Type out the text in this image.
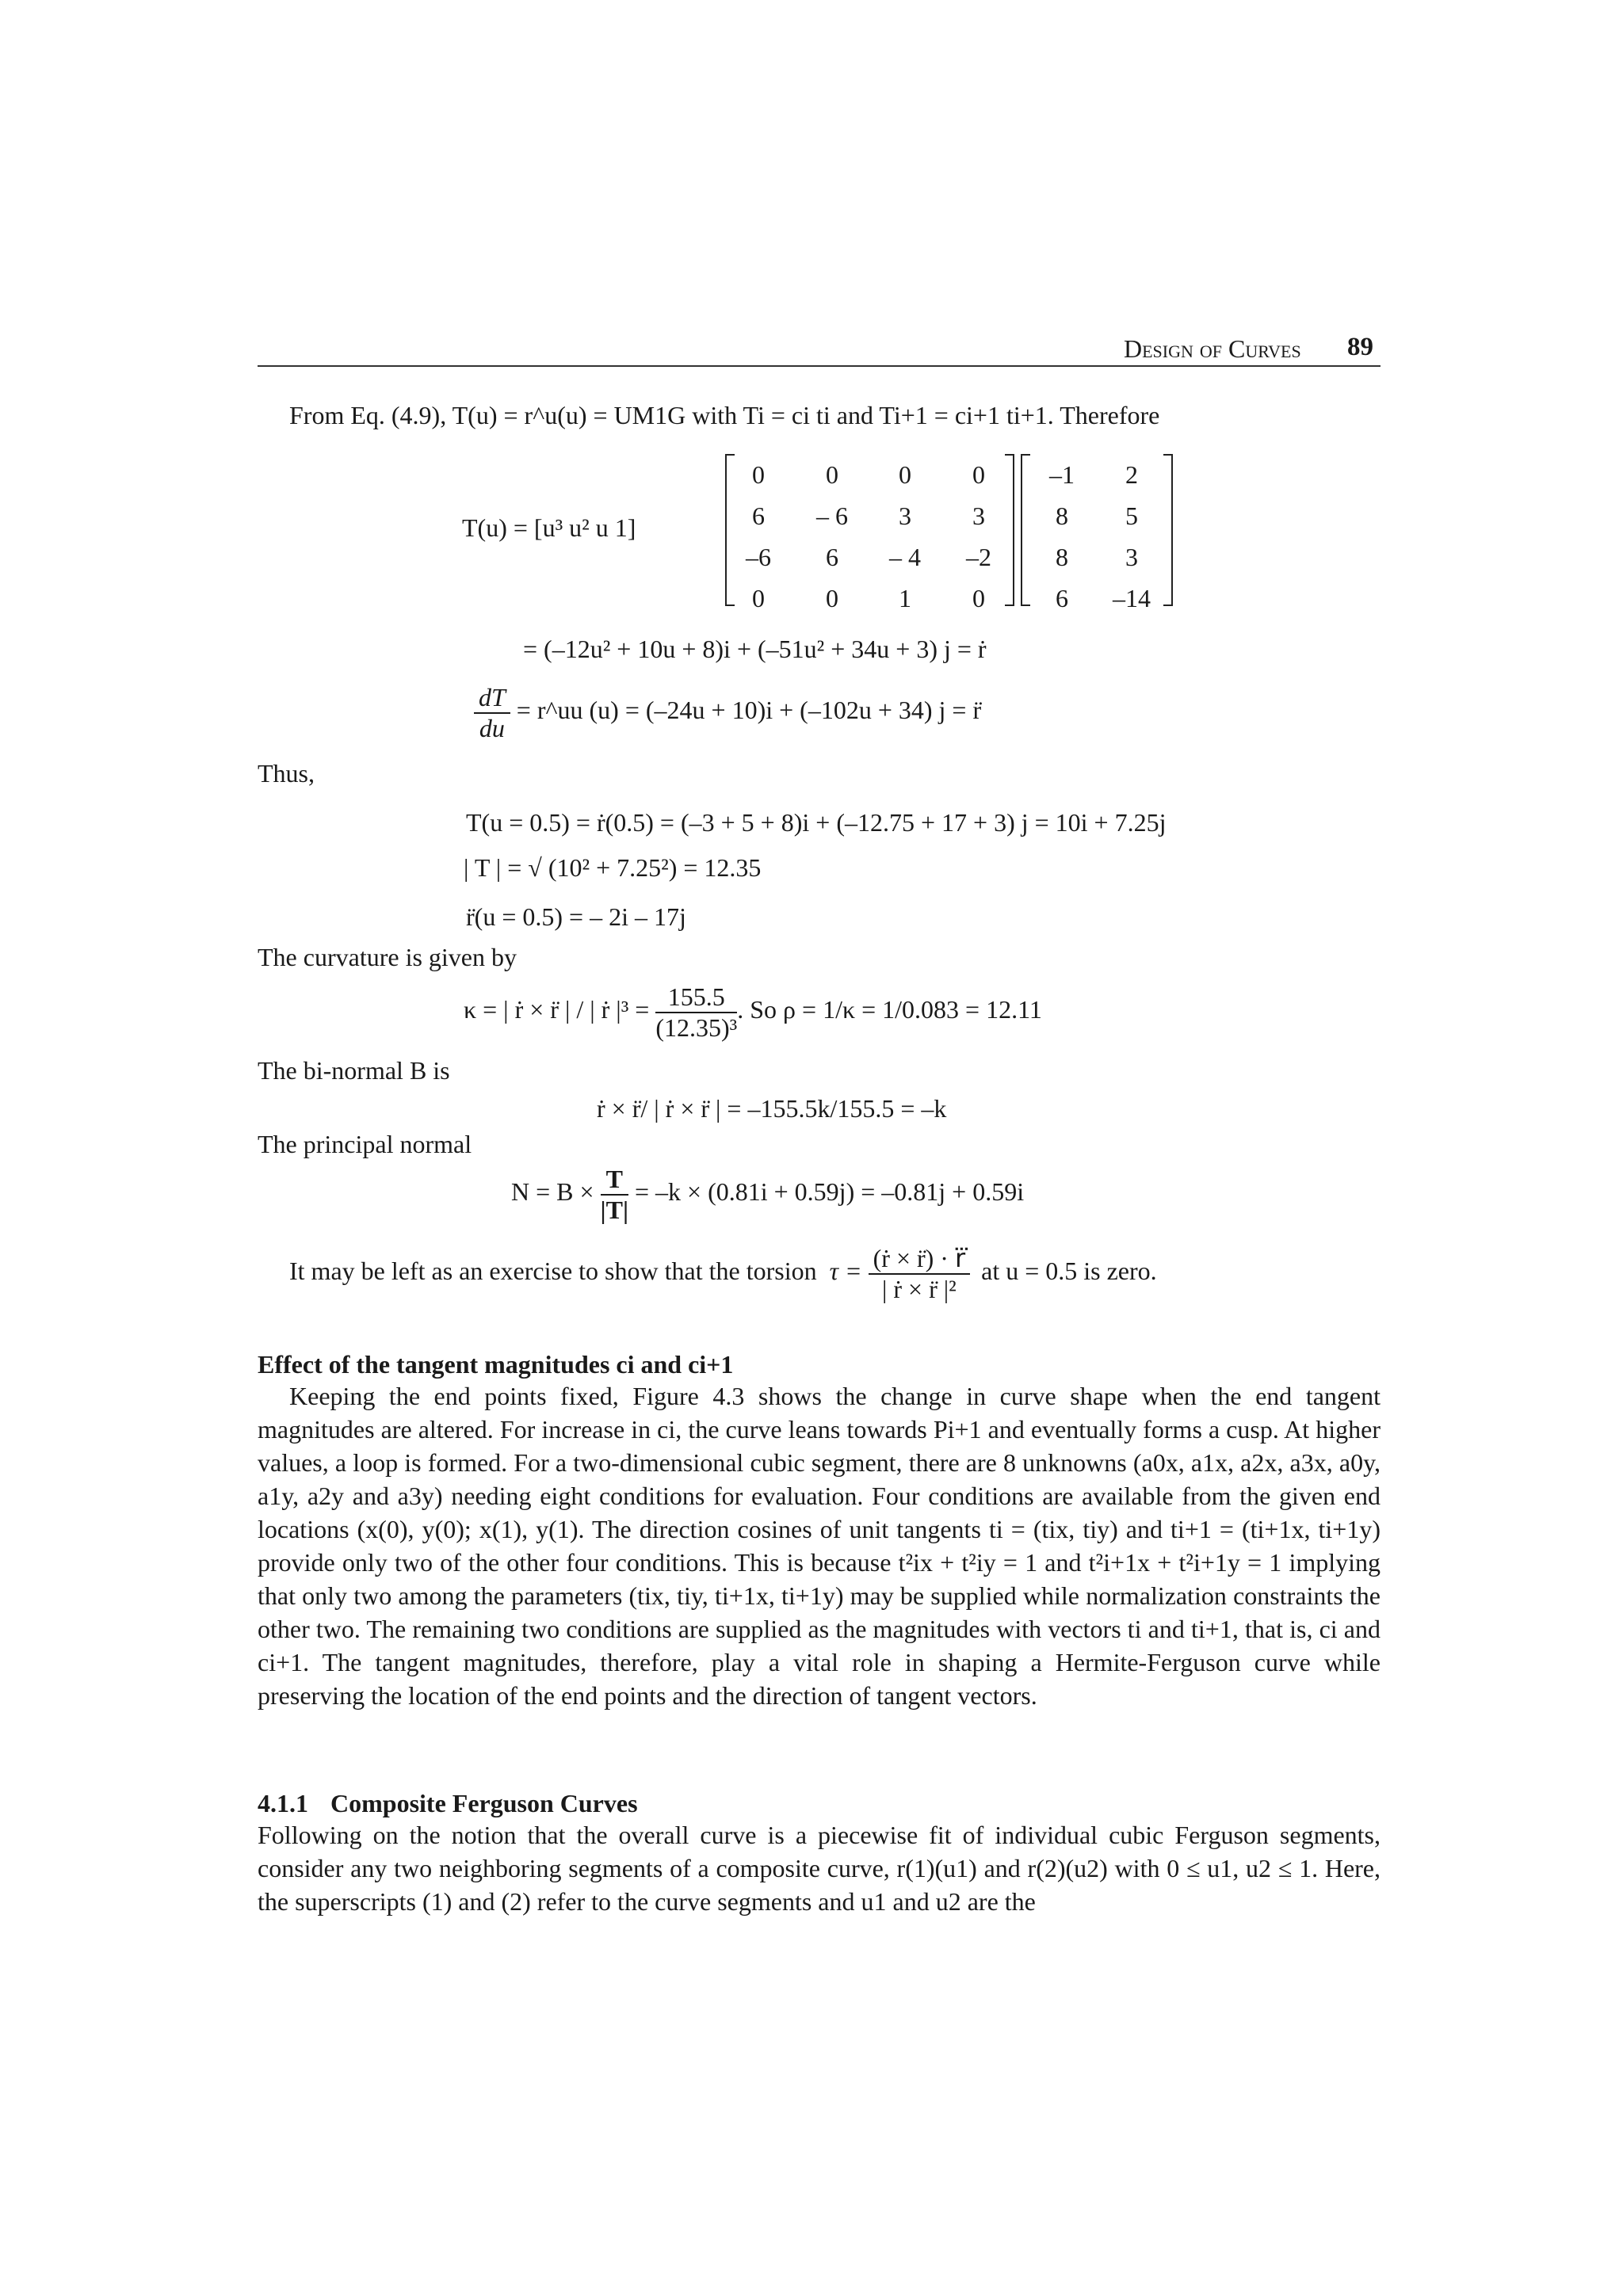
Design of Curves 89
From Eq. (4.9), T(u) = r^u(u) = UM1G with Ti = ci ti and Ti+1 = ci+1 ti+1. Therefore
T(u) = [u³ u² u 1]
0	0	0	0
6	– 6	3	3
–6	6	– 4	–2
0	0	1	0
–1	2
8	5
8	3
6	–14
= (–12u² + 10u + 8)i + (–51u² + 34u + 3) j = ṙ
$\frac{dT}{du}$ = r^uu (u) = (–24u + 10)i + (–102u + 34) j = r̈
Thus,
T(u = 0.5) = ṙ(0.5) = (–3 + 5 + 8)i + (–12.75 + 17 + 3) j = 10i + 7.25j
| T | = √ (10² + 7.25²) = 12.35
r̈(u = 0.5) = – 2i – 17j
The curvature is given by
κ = | ṙ × r̈ | / | ṙ $|^3 = \frac{155.5}{\text{(12.35)³}}$ . So ρ = 1/κ = 1/0.083 = 12.11
The bi-normal B is
ṙ × r̈/ | ṙ × r̈ | = –155.5k/155.5 = –k
The principal normal
$N = B \times \frac{T}{|T|} = -k \times (0.81i + 0.59j) = -0.81j + 0.59i$
It may be left as an exercise to show that the torsion $\tau = \frac{\text{(ṙ × r̈) · r⃛}}{\text{| ṙ × r̈ |²}}$ at u = 0.5 is zero.
Effect of the tangent magnitudes ci and ci+1
Keeping the end points fixed, Figure 4.3 shows the change in curve shape when the end tangent magnitudes are altered. For increase in ci, the curve leans towards Pi+1 and eventually forms a cusp. At higher values, a loop is formed. For a two-dimensional cubic segment, there are 8 unknowns (a0x, a1x, a2x, a3x, a0y, a1y, a2y and a3y) needing eight conditions for evaluation. Four conditions are available from the given end locations (x(0), y(0); x(1), y(1). The direction cosines of unit tangents ti = (tix, tiy) and ti+1 = (ti+1x, ti+1y) provide only two of the other four conditions. This is because t²ix + t²iy = 1 and t²i+1x + t²i+1y = 1 implying that only two among the parameters (tix, tiy, ti+1x, ti+1y) may be supplied while normalization constraints the other two. The remaining two conditions are supplied as the magnitudes with vectors ti and ti+1, that is, ci and ci+1. The tangent magnitudes, therefore, play a vital role in shaping a Hermite-Ferguson curve while preserving the location of the end points and the direction of tangent vectors.
4.1.1 Composite Ferguson Curves
Following on the notion that the overall curve is a piecewise fit of individual cubic Ferguson segments, consider any two neighboring segments of a composite curve, r(1)(u1) and r(2)(u2) with 0 ≤ u1, u2 ≤ 1. Here, the superscripts (1) and (2) refer to the curve segments and u1 and u2 are the
